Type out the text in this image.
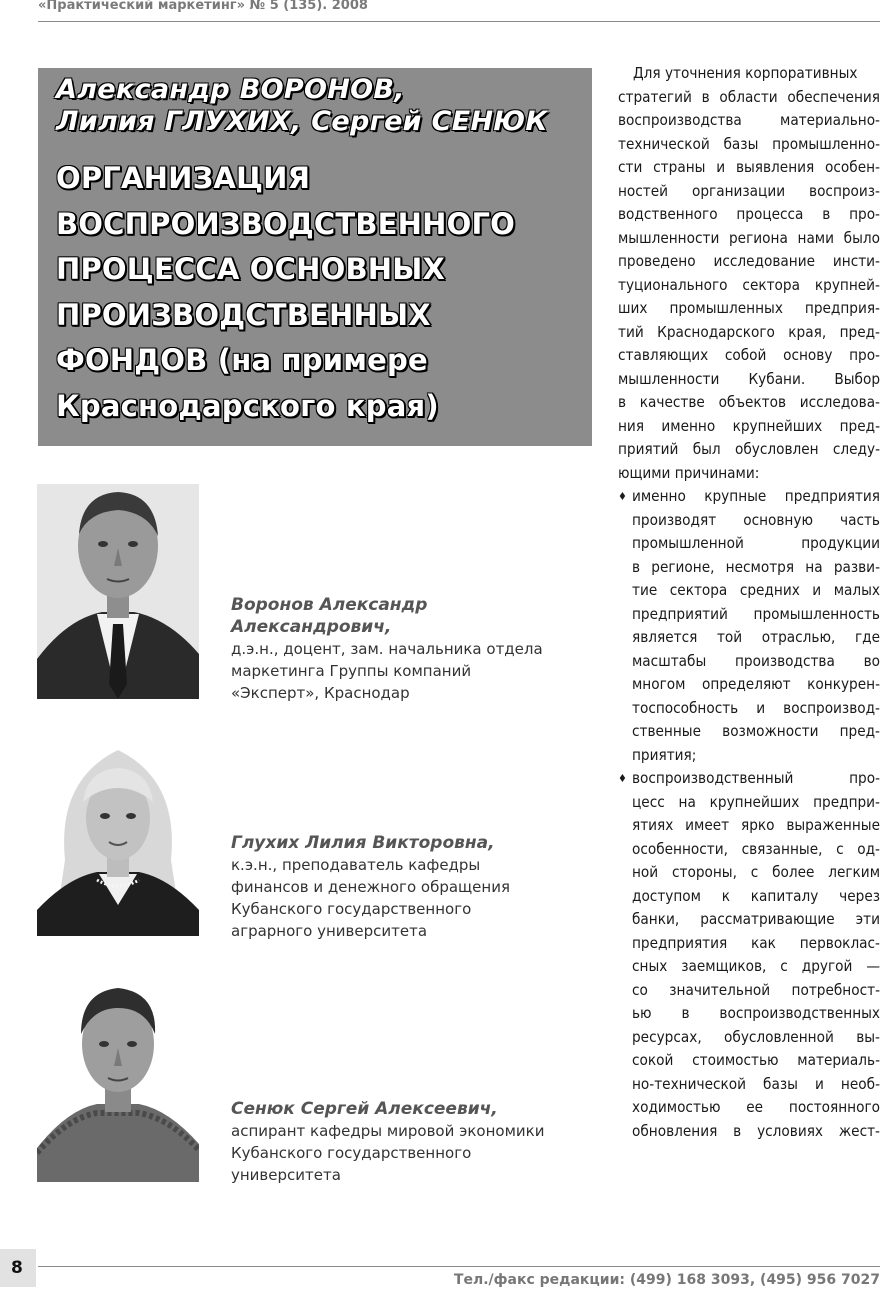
«Практический маркетинг» № 5 (135). 2008
Александр ВОРОНОВ,
Лилия ГЛУХИХ, Сергей СЕНЮК
ОРГАНИЗАЦИЯ
ВОСПРОИЗВОДСТВЕННОГО
ПРОЦЕССА ОСНОВНЫХ
ПРОИЗВОДСТВЕННЫХ
ФОНДОВ (на примере
Краснодарского края)
Воронов Александр
Александрович,
д.э.н., доцент, зам. начальника отдела
маркетинга Группы компаний
«Эксперт», Краснодар
Глухих Лилия Викторовна,
к.э.н., преподаватель кафедры
финансов и денежного обращения
Кубанского государственного
аграрного университета
Сенюк Сергей Алексеевич,
аспирант кафедры мировой экономики
Кубанского государственного
университета
Для уточнения корпоративных
стратегий в области обеспечения
воспроизводства материально-
технической базы промышленно-
сти страны и выявления особен-
ностей организации воспроиз-
водственного процесса в про-
мышленности региона нами было
проведено исследование инсти-
туционального сектора крупней-
ших промышленных предприя-
тий Краснодарского края, пред-
ставляющих собой основу про-
мышленности Кубани. Выбор
в качестве объектов исследова-
ния именно крупнейших пред-
приятий был обусловлен следу-
ющими причинами:
♦ именно крупные предприятия
производят основную часть
промышленной продукции
в регионе, несмотря на разви-
тие сектора средних и малых
предприятий промышленность
является той отраслью, где
масштабы производства во
многом определяют конкурен-
тоспособность и воспроизвод-
ственные возможности пред-
приятия;
♦ воспроизводственный про-
цесс на крупнейших предпри-
ятиях имеет ярко выраженные
особенности, связанные, с од-
ной стороны, с более легким
доступом к капиталу через
банки, рассматривающие эти
предприятия как первоклас-
сных заемщиков, с другой —
со значительной потребност-
ью в воспроизводственных
ресурсах, обусловленной вы-
сокой стоимостью материаль-
но-технической базы и необ-
ходимостью ее постоянного
обновления в условиях жест-
8
Тел./факс редакции: (499) 168 3093, (495) 956 7027
